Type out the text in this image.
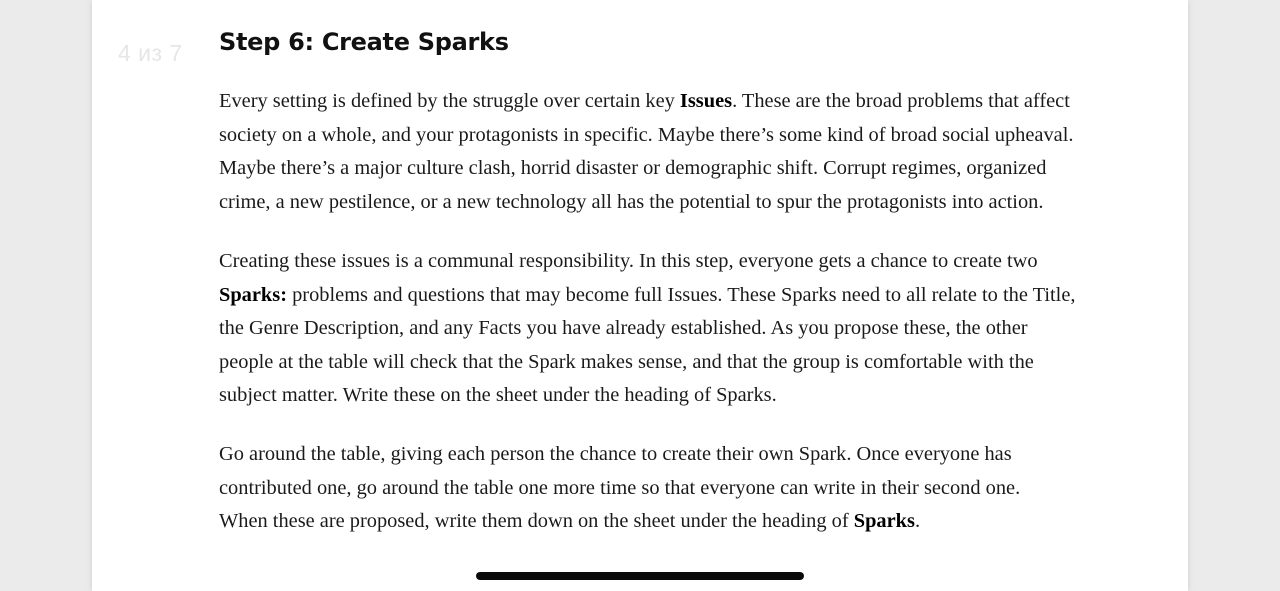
4 из 7 Step 6: Create Sparks

Every setting is defined by the struggle over certain key Issues. These are the broad problems that affect
society on a whole, and your protagonists in specific. Maybe there’s some kind of broad social upheaval.
Maybe there’s a major culture clash, horrid disaster or demographic shift. Corrupt regimes, organized
crime, a new pestilence, or a new technology all has the potential to spur the protagonists into action.

Creating these issues is a communal responsibility. In this step, everyone gets a chance to create two
Sparks: problems and questions that may become full Issues. These Sparks need to all relate to the Title,
the Genre Description, and any Facts you have already established. As you propose these, the other
people at the table will check that the Spark makes sense, and that the group is comfortable with the
subject matter. Write these on the sheet under the heading of Sparks.

Go around the table, giving each person the chance to create their own Spark. Once everyone has
contributed one, go around the table one more time so that everyone can write in their second one.
When these are proposed, write them down on the sheet under the heading of Sparks.
